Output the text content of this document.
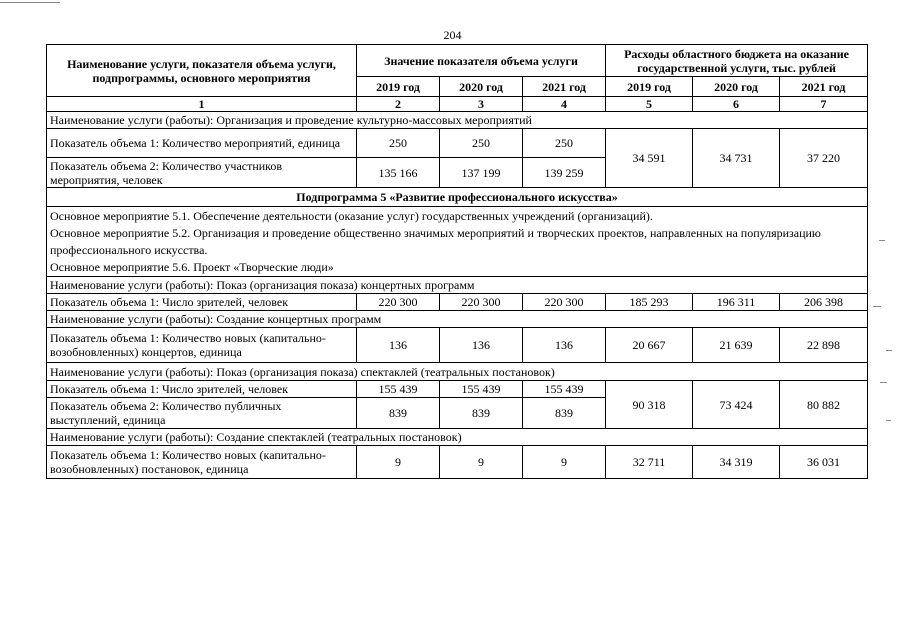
204
Наименование услуги, показателя объема услуги, подпрограммы, основного мероприятия	Значение показателя объема услуги			Расходы областного бюджета на оказание государственной услуги, тыс. рублей		
	2019 год	2020 год	2021 год	2019 год	2020 год	2021 год
1	2	3	4	5	6	7
Наименование услуги (работы): Организация и проведение культурно-массовых мероприятий						
Показатель объема 1: Количество мероприятий, единица	250	250	250	34 591	34 731	37 220
Показатель объема 2: Количество участников мероприятия, человек	135 166	137 199	139 259			
Подпрограмма 5 «Развитие профессионального искусства»						

Основное мероприятие 5.1. Обеспечение деятельности (оказание услуг) государственных учреждений (организаций).
Основное мероприятие 5.2. Организация и проведение общественно значимых мероприятий и творческих проектов, направленных на популяризацию профессионального искусства.
Основное мероприятие 5.6. Проект «Творческие люди»						

Наименование услуги (работы): Показ (организация показа) концертных программ						
Показатель объема 1: Число зрителей, человек	220 300	220 300	220 300	185 293	196 311	206 398
Наименование услуги (работы): Создание концертных программ						
Показатель объема 1: Количество новых (капитально-возобновленных) концертов, единица	136	136	136	20 667	21 639	22 898
Наименование услуги (работы): Показ (организация показа) спектаклей (театральных постановок)						
Показатель объема 1: Число зрителей, человек	155 439	155 439	155 439	90 318	73 424	80 882
Показатель объема 2: Количество публичных выступлений, единица	839	839	839			
Наименование услуги (работы): Создание спектаклей (театральных постановок)						
Показатель объема 1: Количество новых (капитально-возобновленных) постановок, единица	9	9	9	32 711	34 319	36 031
